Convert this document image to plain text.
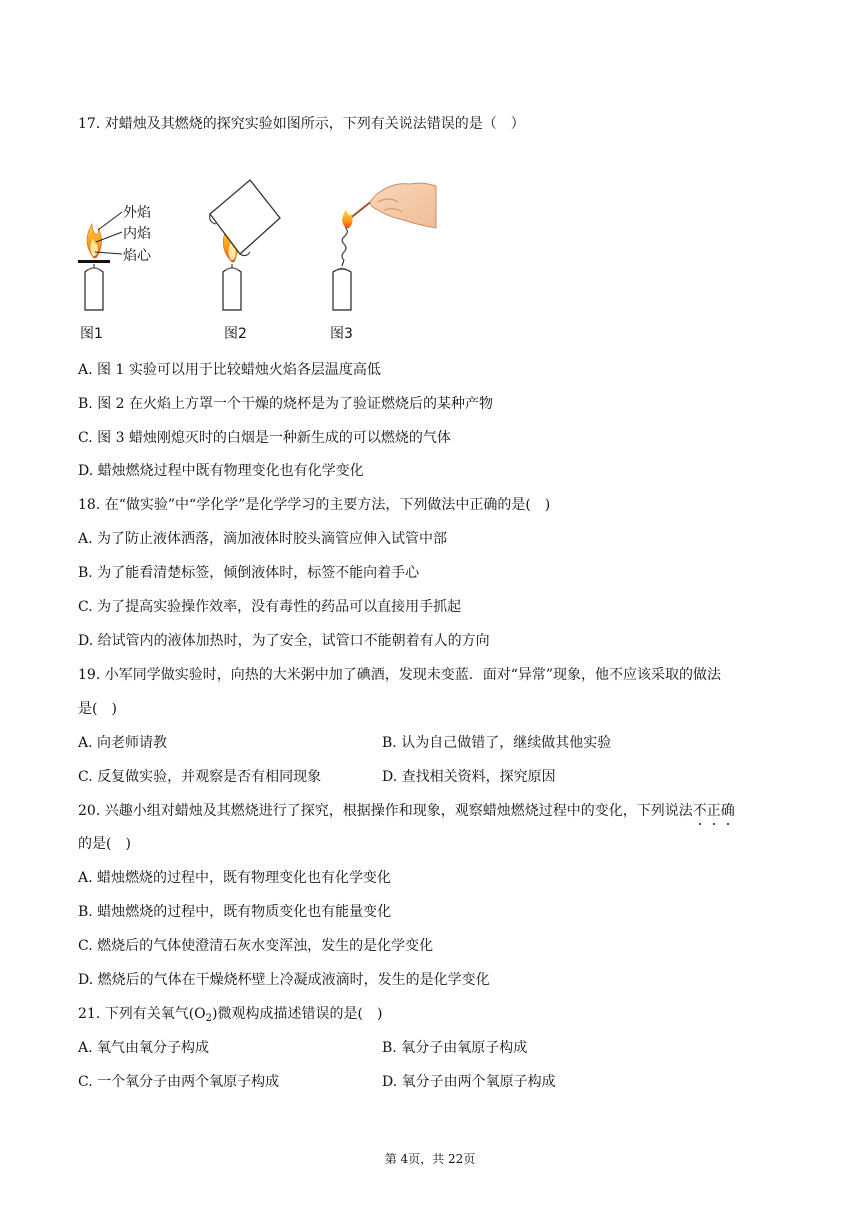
17. 对蜡烛及其燃烧的探究实验如图所示，下列有关说法错误的是（　）
外焰
内焰
焰心
图1	图2	图3
A. 图 1 实验可以用于比较蜡烛火焰各层温度高低
B. 图 2 在火焰上方罩一个干燥的烧杯是为了验证燃烧后的某种产物
C. 图 3 蜡烛刚熄灭时的白烟是一种新生成的可以燃烧的气体
D. 蜡烛燃烧过程中既有物理变化也有化学变化
18. 在“做实验”中“学化学”是化学学习的主要方法，下列做法中正确的是(　)
A. 为了防止液体洒落，滴加液体时胶头滴管应伸入试管中部
B. 为了能看清楚标签，倾倒液体时，标签不能向着手心
C. 为了提高实验操作效率，没有毒性的药品可以直接用手抓起
D. 给试管内的液体加热时，为了安全，试管口不能朝着有人的方向
19. 小军同学做实验时，向热的大米粥中加了碘酒，发现未变蓝．面对“异常”现象，他不应该采取的做法
是(　)
A. 向老师请教	B. 认为自己做错了，继续做其他实验
C. 反复做实验，并观察是否有相同现象	D. 查找相关资料，探究原因
20. 兴趣小组对蜡烛及其燃烧进行了探究，根据操作和现象，观察蜡烛燃烧过程中的变化，下列说法不正确
的是(　)
A. 蜡烛燃烧的过程中，既有物理变化也有化学变化
B. 蜡烛燃烧的过程中，既有物质变化也有能量变化
C. 燃烧后的气体使澄清石灰水变浑浊，发生的是化学变化
D. 燃烧后的气体在干燥烧杯壁上冷凝成液滴时，发生的是化学变化
21. 下列有关氧气$(O_2)$微观构成描述错误的是(　)
A. 氧气由氧分子构成	B. 氧分子由氧原子构成
C. 一个氧分子由两个氧原子构成	D. 氧分子由两个氧原子构成
第 4页，共 22页
